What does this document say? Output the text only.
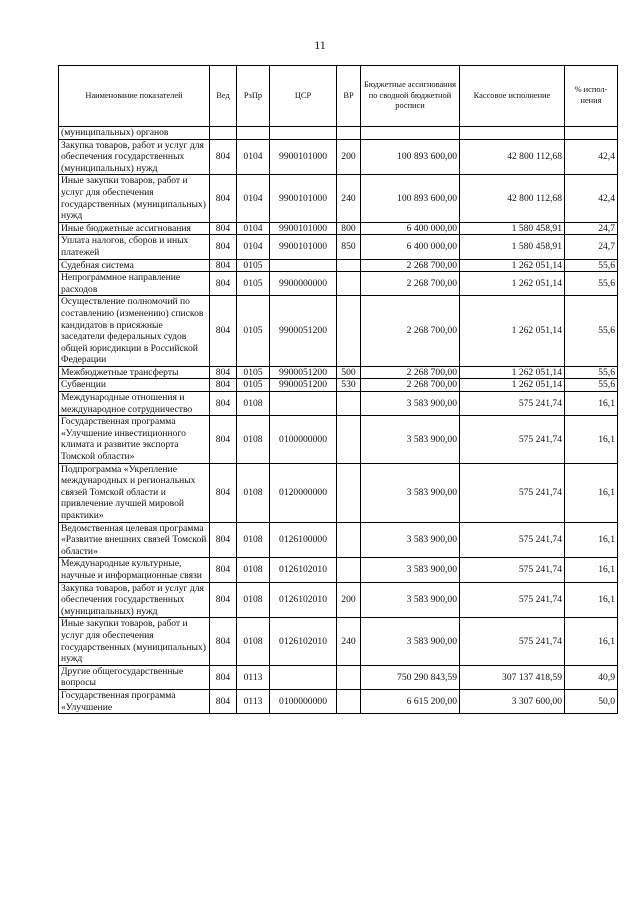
11
Наименование показателей	Вед	РзПр	ЦСР	ВР	Бюджетные ассигнования по сводной бюджетной росписи	Кассовое исполнение	% испол-нения
(муниципальных) органов							
Закупка товаров, работ и услуг для обеспечения государственных (муниципальных) нужд	804	0104	9900101000	200	100 893 600,00	42 800 112,68	42,4
Иные закупки товаров, работ и услуг для обеспечения государственных (муниципальных) нужд	804	0104	9900101000	240	100 893 600,00	42 800 112,68	42,4
Иные бюджетные ассигнования	804	0104	9900101000	800	6 400 000,00	1 580 458,91	24,7
Уплата налогов, сборов и иных платежей	804	0104	9900101000	850	6 400 000,00	1 580 458,91	24,7
Судебная система	804	0105			2 268 700,00	1 262 051,14	55,6
Непрограммное направление расходов	804	0105	9900000000		2 268 700,00	1 262 051,14	55,6
Осуществление полномочий по составлению (изменению) списков кандидатов в присяжные заседатели федеральных судов общей юрисдикции в Российской Федерации	804	0105	9900051200		2 268 700,00	1 262 051,14	55,6
Межбюджетные трансферты	804	0105	9900051200	500	2 268 700,00	1 262 051,14	55,6
Субвенции	804	0105	9900051200	530	2 268 700,00	1 262 051,14	55,6
Международные отношения и международное сотрудничество	804	0108			3 583 900,00	575 241,74	16,1
Государственная программа «Улучшение инвестиционного климата и развитие экспорта Томской области»	804	0108	0100000000		3 583 900,00	575 241,74	16,1
Подпрограмма «Укрепление международных и региональных связей Томской области и привлечение лучшей мировой практики»	804	0108	0120000000		3 583 900,00	575 241,74	16,1
Ведомственная целевая программа «Развитие внешних связей Томской области»	804	0108	0126100000		3 583 900,00	575 241,74	16,1
Международные культурные, научные и информационные связи	804	0108	0126102010		3 583 900,00	575 241,74	16,1
Закупка товаров, работ и услуг для обеспечения государственных (муниципальных) нужд	804	0108	0126102010	200	3 583 900,00	575 241,74	16,1
Иные закупки товаров, работ и услуг для обеспечения государственных (муниципальных) нужд	804	0108	0126102010	240	3 583 900,00	575 241,74	16,1
Другие общегосударственные вопросы	804	0113			750 290 843,59	307 137 418,59	40,9
Государственная программа «Улучшение	804	0113	0100000000		6 615 200,00	3 307 600,00	50,0
